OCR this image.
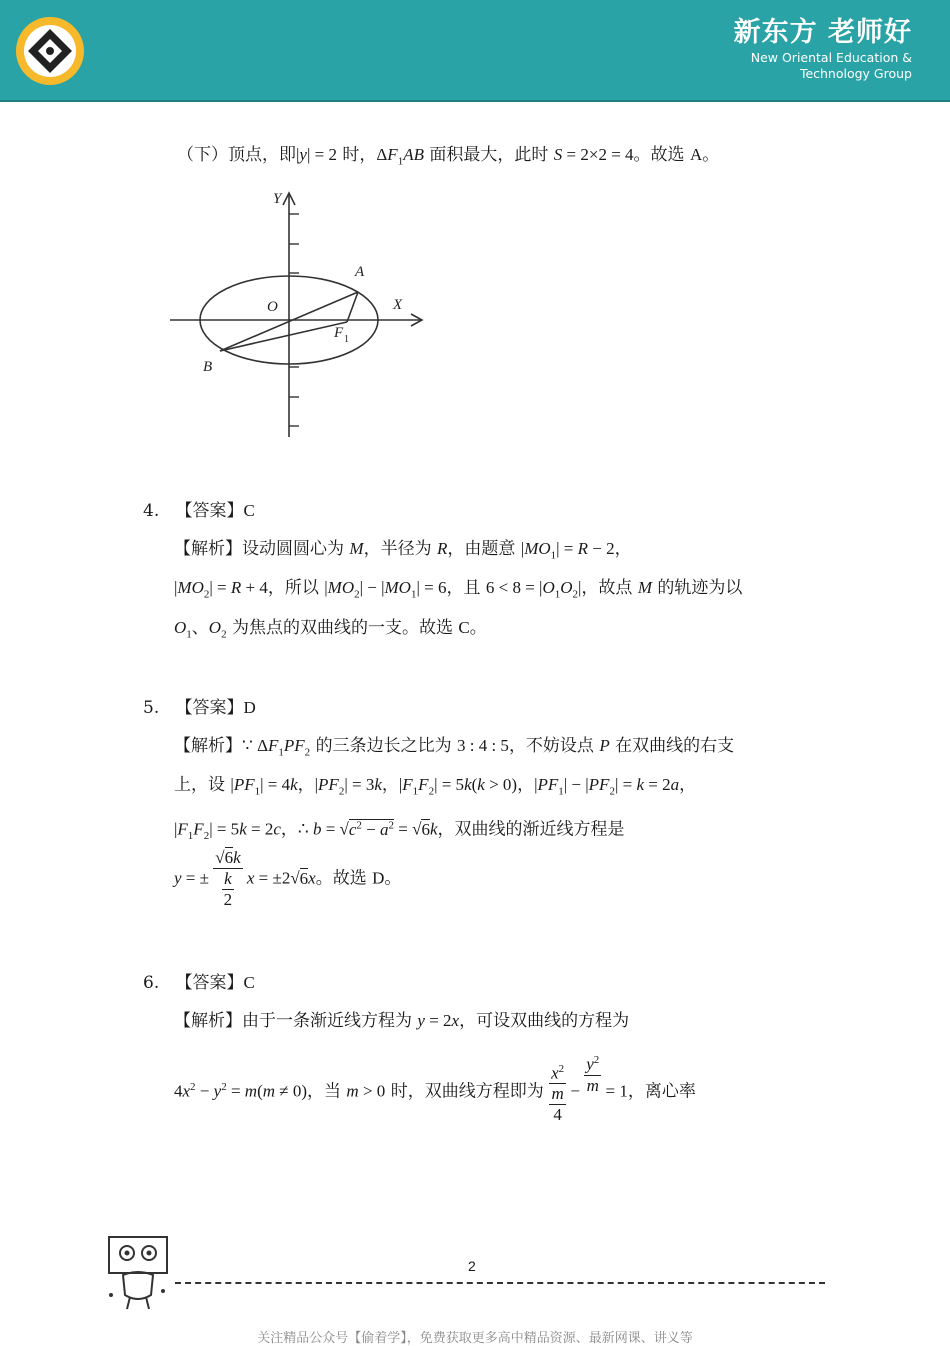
新东方 老师好
New Oriental Education &
Technology Group
（下）顶点，即|y| = 2 时，$\Delta F_1AB$ 面积最大，此时 S = 2×2 = 4。故选 A。
Y
X
O
A
B
F 1
4. 【答案】C
【解析】设动圆圆心为 M，半径为 R，由题意 $|MO_1| = R - 2$，
$|MO_2| = R + 4$，所以 $|MO_2| - |MO_1| = 6$，且 $6 < 8 = |O_1O_2|$，故点 M 的轨迹为以
$O_1$、$O_2$ 为焦点的双曲线的一支。故选 C。
5. 【答案】D
【解析】∵ $\Delta F_1PF_2$ 的三条边长之比为 3 : 4 : 5，不妨设点 P 在双曲线的右支
上，设 $|PF_1| = 4k$，$|PF_2| = 3k$，$|F_1F_2| = 5k(k > 0)$，$|PF_1| - |PF_2| = k = 2a$，
$|F_1F_2| = 5k = 2c$，∴ $b = √c^2 - a^2 = √6k$，双曲线的渐近线方程是
y = ± $\frac{√6k}{\frac{k}{2}}$ x = ±2√6x。故选 D。
6. 【答案】C
【解析】由于一条渐近线方程为 y = 2x，可设双曲线的方程为
$4x^2 - y^2 = m(m \ne 0)$，当 m > 0 时，双曲线方程即为 $\frac{x^2}{\frac{m}{4}} - \frac{y^2}{m} = 1$，离心率
2
关注精品公众号【偷着学】，免费获取更多高中精品资源、最新网课、讲义等
